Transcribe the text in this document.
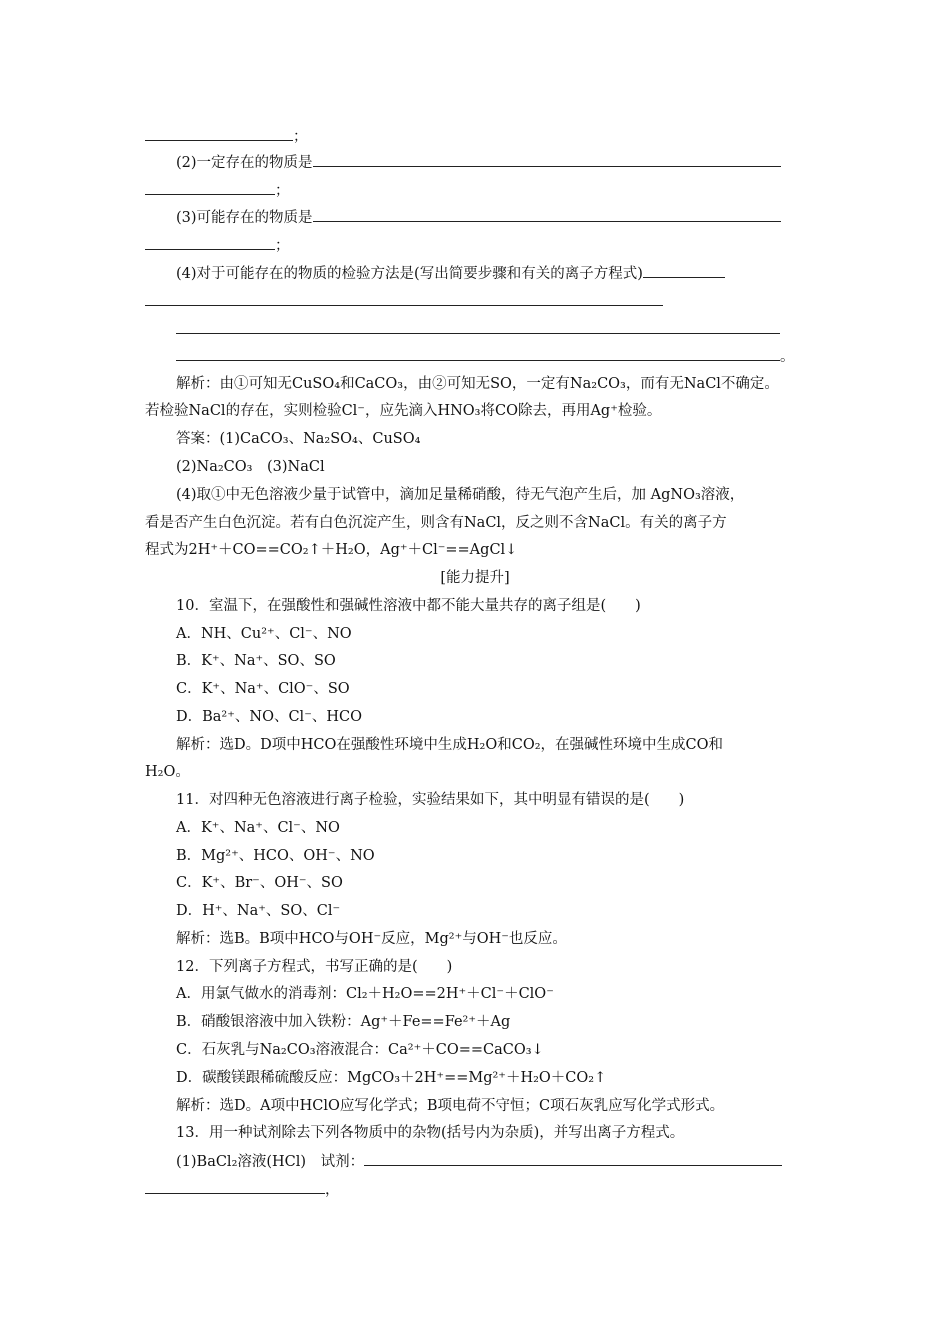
；
(2)一定存在的物质是
；
(3)可能存在的物质是
；
(4)对于可能存在的物质的检验方法是(写出简要步骤和有关的离子方程式)
。
解析：由①可知无CuSO₄和CaCO₃，由②可知无SO，一定有Na₂CO₃，而有无NaCl不确定。
若检验NaCl的存在，实则检验Cl⁻，应先滴入HNO₃将CO除去，再用Ag⁺检验。
答案：(1)CaCO₃、Na₂SO₄、CuSO₄
(2)Na₂CO₃　(3)NaCl
(4)取①中无色溶液少量于试管中，滴加足量稀硝酸，待无气泡产生后，加 AgNO₃溶液，
看是否产生白色沉淀。若有白色沉淀产生，则含有NaCl，反之则不含NaCl。有关的离子方
程式为2H⁺＋CO==CO₂↑＋H₂O，Ag⁺＋Cl⁻==AgCl↓
[能力提升]
10．室温下，在强酸性和强碱性溶液中都不能大量共存的离子组是(　　)
A．NH、Cu²⁺、Cl⁻、NO
B．K⁺、Na⁺、SO、SO
C．K⁺、Na⁺、ClO⁻、SO
D．Ba²⁺、NO、Cl⁻、HCO
解析：选D。D项中HCO在强酸性环境中生成H₂O和CO₂，在强碱性环境中生成CO和
H₂O。
11．对四种无色溶液进行离子检验，实验结果如下，其中明显有错误的是(　　)
A．K⁺、Na⁺、Cl⁻、NO
B．Mg²⁺、HCO、OH⁻、NO
C．K⁺、Br⁻、OH⁻、SO
D．H⁺、Na⁺、SO、Cl⁻
解析：选B。B项中HCO与OH⁻反应，Mg²⁺与OH⁻也反应。
12．下列离子方程式，书写正确的是(　　)
A．用氯气做水的消毒剂：Cl₂＋H₂O==2H⁺＋Cl⁻＋ClO⁻
B．硝酸银溶液中加入铁粉：Ag⁺＋Fe==Fe²⁺＋Ag
C．石灰乳与Na₂CO₃溶液混合：Ca²⁺＋CO==CaCO₃↓
D．碳酸镁跟稀硫酸反应：MgCO₃＋2H⁺==Mg²⁺＋H₂O＋CO₂↑
解析：选D。A项中HClO应写化学式；B项电荷不守恒；C项石灰乳应写化学式形式。
13．用一种试剂除去下列各物质中的杂物(括号内为杂质)，并写出离子方程式。
(1)BaCl₂溶液(HCl)　试剂：
，
